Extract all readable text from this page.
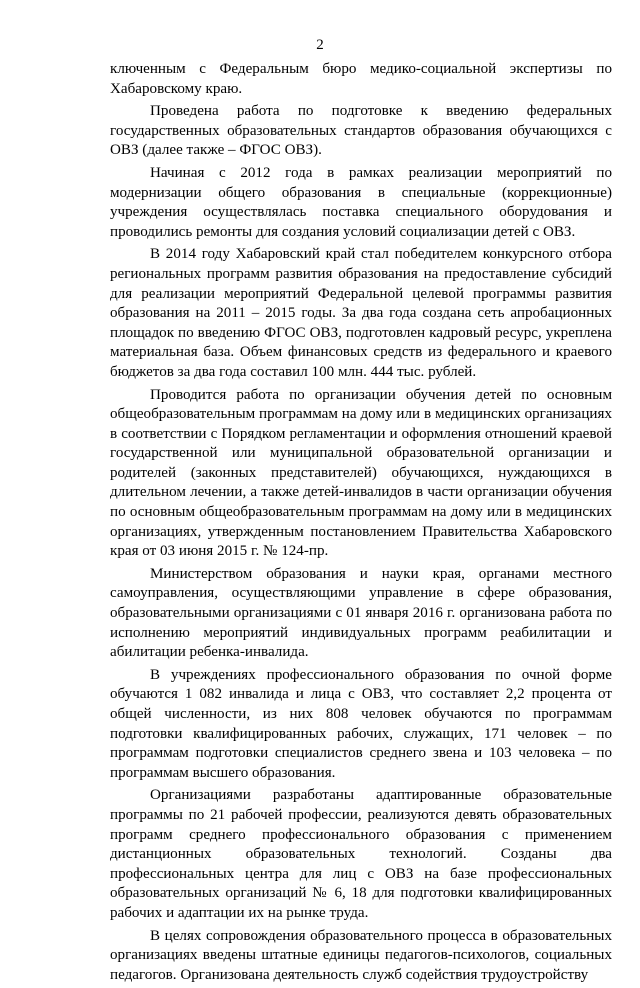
2

ключенным с Федеральным бюро медико-социальной экспертизы по Хабаровскому краю.

Проведена работа по подготовке к введению федеральных государственных образовательных стандартов образования обучающихся с ОВЗ (далее также – ФГОС ОВЗ).

Начиная с 2012 года в рамках реализации мероприятий по модернизации общего образования в специальные (коррекционные) учреждения осуществлялась поставка специального оборудования и проводились ремонты для создания условий социализации детей с ОВЗ.

В 2014 году Хабаровский край стал победителем конкурсного отбора региональных программ развития образования на предоставление субсидий для реализации мероприятий Федеральной целевой программы развития образования на 2011 – 2015 годы. За два года создана сеть апробационных площадок по введению ФГОС ОВЗ, подготовлен кадровый ресурс, укреплена материальная база. Объем финансовых средств из федерального и краевого бюджетов за два года составил 100 млн. 444 тыс. рублей.

Проводится работа по организации обучения детей по основным общеобразовательным программам на дому или в медицинских организациях в соответствии с Порядком регламентации и оформления отношений краевой государственной или муниципальной образовательной организации и родителей (законных представителей) обучающихся, нуждающихся в длительном лечении, а также детей-инвалидов в части организации обучения по основным общеобразовательным программам на дому или в медицинских организациях, утвержденным постановлением Правительства Хабаровского края от 03 июня 2015 г. № 124-пр.

Министерством образования и науки края, органами местного самоуправления, осуществляющими управление в сфере образования, образовательными организациями с 01 января 2016 г. организована работа по исполнению мероприятий индивидуальных программ реабилитации и абилитации ребенка-инвалида.

В учреждениях профессионального образования по очной форме обучаются 1 082 инвалида и лица с ОВЗ, что составляет 2,2 процента от общей численности, из них 808 человек обучаются по программам подготовки квалифицированных рабочих, служащих, 171 человек – по программам подготовки специалистов среднего звена и 103 человека – по программам высшего образования.

Организациями разработаны адаптированные образовательные программы по 21 рабочей профессии, реализуются девять образовательных программ среднего профессионального образования с применением дистанционных образовательных технологий. Созданы два профессиональных центра для лиц с ОВЗ на базе профессиональных образовательных организаций № 6, 18 для подготовки квалифицированных рабочих и адаптации их на рынке труда.

В целях сопровождения образовательного процесса в образовательных организациях введены штатные единицы педагогов-психологов, социальных педагогов. Организована деятельность служб содействия трудоустройству
